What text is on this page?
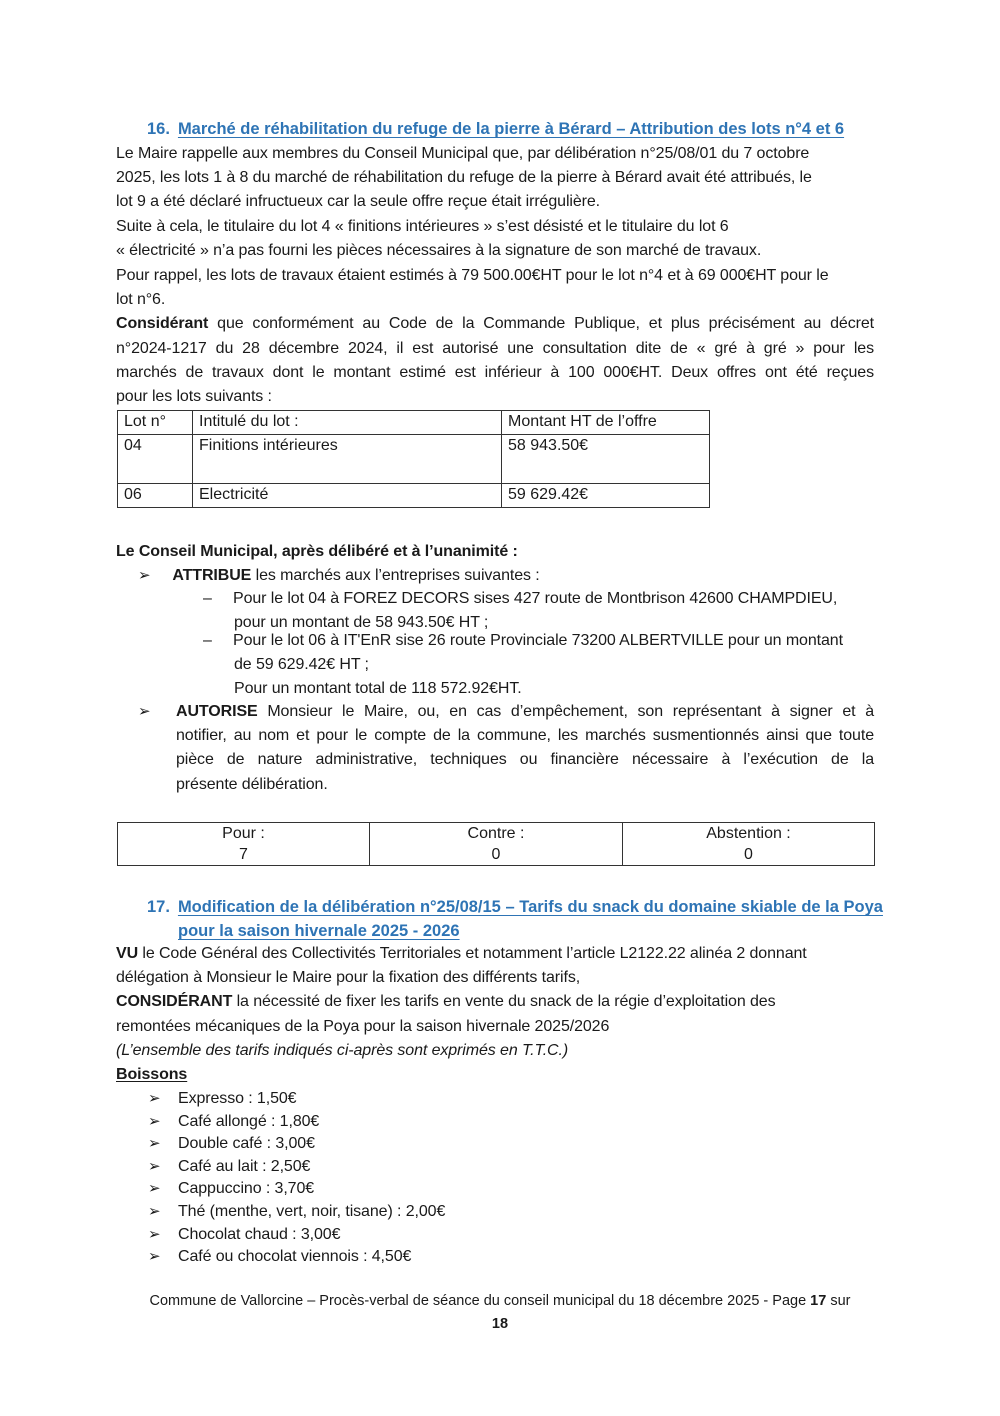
16. Marché de réhabilitation du refuge de la pierre à Bérard – Attribution des lots n°4 et 6
Le Maire rappelle aux membres du Conseil Municipal que, par délibération n°25/08/01 du 7 octobre
2025, les lots 1 à 8 du marché de réhabilitation du refuge de la pierre à Bérard avait été attribués, le
lot 9 a été déclaré infructueux car la seule offre reçue était irrégulière.
Suite à cela, le titulaire du lot 4 « finitions intérieures » s’est désisté et le titulaire du lot 6
« électricité » n’a pas fourni les pièces nécessaires à la signature de son marché de travaux.
Pour rappel, les lots de travaux étaient estimés à 79 500.00€HT pour le lot n°4 et à 69 000€HT pour le
lot n°6.
Considérant que conformément au Code de la Commande Publique, et plus précisément au décret
n°2024-1217 du 28 décembre 2024, il est autorisé une consultation dite de « gré à gré » pour les
marchés de travaux dont le montant estimé est inférieur à 100 000€HT. Deux offres ont été reçues
pour les lots suivants :
Lot n°	Intitulé du lot :	Montant HT de l’offre
04	Finitions intérieures	58 943.50€
06	Electricité	59 629.42€
Le Conseil Municipal, après délibéré et à l’unanimité :
➢ ATTRIBUE les marchés aux l’entreprises suivantes :
– Pour le lot 04 à FOREZ DECORS sises 427 route de Montbrison 42600 CHAMPDIEU,
pour un montant de 58 943.50€ HT ;
– Pour le lot 06 à IT'EnR sise 26 route Provinciale 73200 ALBERTVILLE pour un montant
de 59 629.42€ HT ;
Pour un montant total de 118 572.92€HT.
➢ AUTORISE Monsieur le Maire, ou, en cas d’empêchement, son représentant à signer et à
notifier, au nom et pour le compte de la commune, les marchés susmentionnés ainsi que toute
pièce de nature administrative, techniques ou financière nécessaire à l’exécution de la
présente délibération.
Pour :
7

Contre :
0

Abstention :
0
17. Modification de la délibération n°25/08/15 – Tarifs du snack du domaine skiable de la Poya
pour la saison hivernale 2025 - 2026
VU le Code Général des Collectivités Territoriales et notamment l’article L2122.22 alinéa 2 donnant
délégation à Monsieur le Maire pour la fixation des différents tarifs,
CONSIDÉRANT la nécessité de fixer les tarifs en vente du snack de la régie d’exploitation des
remontées mécaniques de la Poya pour la saison hivernale 2025/2026
(L’ensemble des tarifs indiqués ci-après sont exprimés en T.T.C.)
Boissons
➢ Expresso : 1,50€
➢ Café allongé : 1,80€
➢ Double café : 3,00€
➢ Café au lait : 2,50€
➢ Cappuccino : 3,70€
➢ Thé (menthe, vert, noir, tisane) : 2,00€
➢ Chocolat chaud : 3,00€
➢ Café ou chocolat viennois : 4,50€
Commune de Vallorcine – Procès-verbal de séance du conseil municipal du 18 décembre 2025 - Page 17 sur
18
